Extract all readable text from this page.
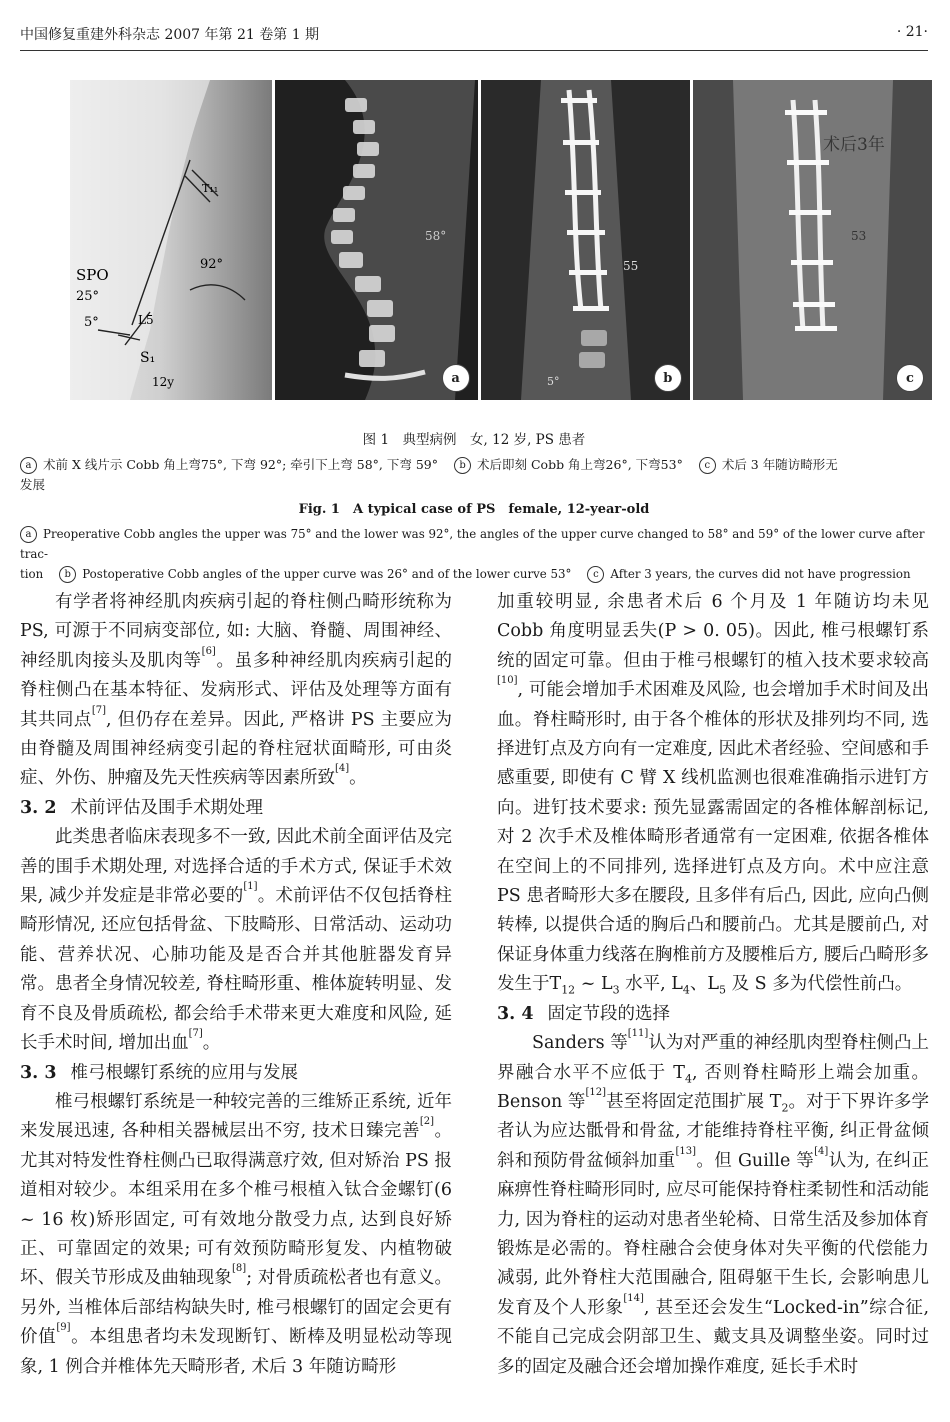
中国修复重建外科杂志 2007 年第 21 卷第 1 期	· 21·
SPO
25°
5°
T₁₁
L5
S₁
12y
92°
58°
a
55
5°	b
术后3年
53
c
图 1　典型病例　女, 12 岁, PS 患者
a 术前 X 线片示 Cobb 角上弯75°, 下弯 92°; 牵引下上弯 58°, 下弯 59° b 术后即刻 Cobb 角上弯26°, 下弯53° c 术后 3 年随访畸形无
发展
Fig. 1　A typical case of PS　female, 12-year-old
a Preoperative Cobb angles the upper was 75° and the lower was 92°, the angles of the upper curve changed to 58° and 59° of the lower curve after trac-
tion b Postoperative Cobb angles of the upper curve was 26° and of the lower curve 53° c After 3 years, the curves did not have progression

有学者将神经肌肉疾病引起的脊柱侧凸畸形统称为 PS, 可源于不同病变部位, 如: 大脑、脊髓、周围神经、神经肌肉接头及肌肉等[6]。虽多种神经肌肉疾病引起的脊柱侧凸在基本特征、发病形式、评估及处理等方面有其共同点[7], 但仍存在差异。因此, 严格讲 PS 主要应为由脊髓及周围神经病变引起的脊柱冠状面畸形, 可由炎症、外伤、肿瘤及先天性疾病等因素所致[4]。

3. 2 术前评估及围手术期处理

此类患者临床表现多不一致, 因此术前全面评估及完善的围手术期处理, 对选择合适的手术方式, 保证手术效果, 减少并发症是非常必要的[1]。术前评估不仅包括脊柱畸形情况, 还应包括骨盆、下肢畸形、日常活动、运动功能、营养状况、心肺功能及是否合并其他脏器发育异常。患者全身情况较差, 脊柱畸形重、椎体旋转明显、发育不良及骨质疏松, 都会给手术带来更大难度和风险, 延长手术时间, 增加出血[7]。

3. 3 椎弓根螺钉系统的应用与发展

椎弓根螺钉系统是一种较完善的三维矫正系统, 近年来发展迅速, 各种相关器械层出不穷, 技术日臻完善[2]。尤其对特发性脊柱侧凸已取得满意疗效, 但对矫治 PS 报道相对较少。本组采用在多个椎弓根植入钛合金螺钉(6 ~ 16 枚)矫形固定, 可有效地分散受力点, 达到良好矫正、可靠固定的效果; 可有效预防畸形复发、内植物破坏、假关节形成及曲轴现象[8]; 对骨质疏松者也有意义。另外, 当椎体后部结构缺失时, 椎弓根螺钉的固定会更有价值[9]。本组患者均未发现断钉、断棒及明显松动等现象, 1 例合并椎体先天畸形者, 术后 3 年随访畸形

加重较明显, 余患者术后 6 个月及 1 年随访均未见 Cobb 角度明显丢失(P > 0. 05)。因此, 椎弓根螺钉系统的固定可靠。但由于椎弓根螺钉的植入技术要求较高[10], 可能会增加手术困难及风险, 也会增加手术时间及出血。脊柱畸形时, 由于各个椎体的形状及排列均不同, 选择进钉点及方向有一定难度, 因此术者经验、空间感和手感重要, 即使有 C 臂 X 线机监测也很难准确指示进钉方向。进钉技术要求: 预先显露需固定的各椎体解剖标记, 对 2 次手术及椎体畸形者通常有一定困难, 依据各椎体在空间上的不同排列, 选择进钉点及方向。术中应注意 PS 患者畸形大多在腰段, 且多伴有后凸, 因此, 应向凸侧转棒, 以提供合适的胸后凸和腰前凸。尤其是腰前凸, 对保证身体重力线落在胸椎前方及腰椎后方, 腰后凸畸形多发生于$T_{12}$ ~ $L_3$ 水平, $L_4$、$L_5$ 及 S 多为代偿性前凸。

3. 4 固定节段的选择

Sanders 等[11]认为对严重的神经肌肉型脊柱侧凸上界融合水平不应低于 $T_4$, 否则脊柱畸形上端会加重。Benson 等[12]甚至将固定范围扩展 $T_2$。对于下界许多学者认为应达骶骨和骨盆, 才能维持脊柱平衡, 纠正骨盆倾斜和预防骨盆倾斜加重[13]。但 Guille 等[4]认为, 在纠正麻痹性脊柱畸形同时, 应尽可能保持脊柱柔韧性和活动能力, 因为脊柱的运动对患者坐轮椅、日常生活及参加体育锻炼是必需的。脊柱融合会使身体对失平衡的代偿能力减弱, 此外脊柱大范围融合, 阻碍躯干生长, 会影响患儿发育及个人形象[14], 甚至还会发生“Locked-in”综合征, 不能自己完成会阴部卫生、戴支具及调整坐姿。同时过多的固定及融合还会增加操作难度, 延长手术时
